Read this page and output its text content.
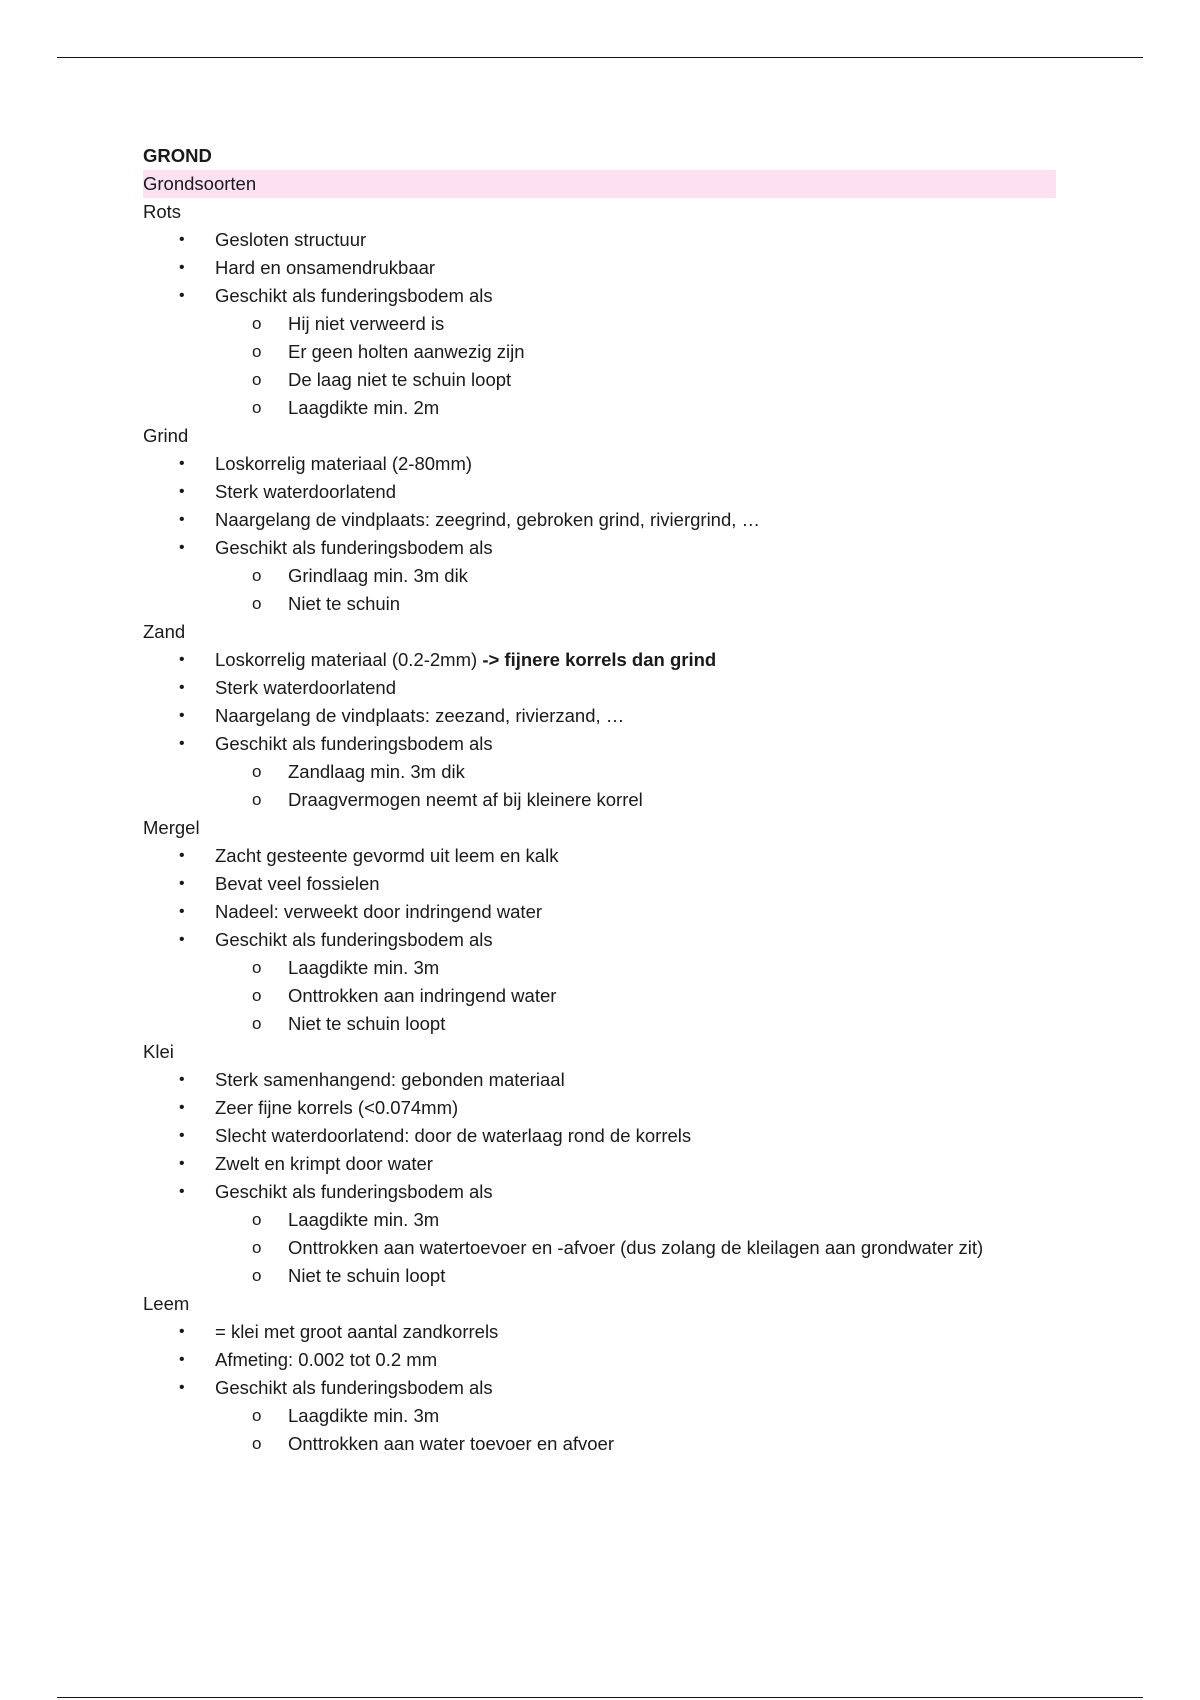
GROND
Grondsoorten
Rots
• Gesloten structuur
• Hard en onsamendrukbaar
• Geschikt als funderingsbodem als
o Hij niet verweerd is
o Er geen holten aanwezig zijn
o De laag niet te schuin loopt
o Laagdikte min. 2m
Grind
• Loskorrelig materiaal (2-80mm)
• Sterk waterdoorlatend
• Naargelang de vindplaats: zeegrind, gebroken grind, riviergrind, …
• Geschikt als funderingsbodem als
o Grindlaag min. 3m dik
o Niet te schuin
Zand
• Loskorrelig materiaal (0.2-2mm) -> fijnere korrels dan grind
• Sterk waterdoorlatend
• Naargelang de vindplaats: zeezand, rivierzand, …
• Geschikt als funderingsbodem als
o Zandlaag min. 3m dik
o Draagvermogen neemt af bij kleinere korrel
Mergel
• Zacht gesteente gevormd uit leem en kalk
• Bevat veel fossielen
• Nadeel: verweekt door indringend water
• Geschikt als funderingsbodem als
o Laagdikte min. 3m
o Onttrokken aan indringend water
o Niet te schuin loopt
Klei
• Sterk samenhangend: gebonden materiaal
• Zeer fijne korrels (<0.074mm)
• Slecht waterdoorlatend: door de waterlaag rond de korrels
• Zwelt en krimpt door water
• Geschikt als funderingsbodem als
o Laagdikte min. 3m
o Onttrokken aan watertoevoer en -afvoer (dus zolang de kleilagen aan grondwater zit)
o Niet te schuin loopt
Leem
• = klei met groot aantal zandkorrels
• Afmeting: 0.002 tot 0.2 mm
• Geschikt als funderingsbodem als
o Laagdikte min. 3m
o Onttrokken aan water toevoer en afvoer
